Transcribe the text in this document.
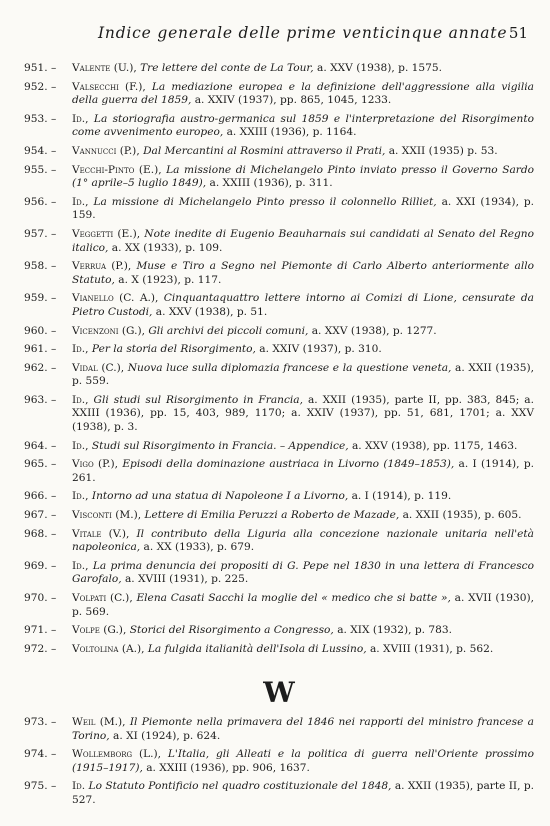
Indice generale delle prime venticinque annate 51
951. –	Valente (U.), Tre lettere del conte de La Tour, a. XXV (1938), p. 1575.
952. –	Valsecchi (F.), La mediazione europea e la definizione dell'aggressione alla vigilia della guerra del 1859, a. XXIV (1937), pp. 865, 1045, 1233.
953. –	Id., La storiografia austro-germanica sul 1859 e l'interpretazione del Risorgimento come avvenimento europeo, a. XXIII (1936), p. 1164.
954. –	Vannucci (P.), Dal Mercantini al Rosmini attraverso il Prati, a. XXII (1935) p. 53.
955. –	Vecchi-Pinto (E.), La missione di Michelangelo Pinto inviato presso il Governo Sardo (1° aprile–5 luglio 1849), a. XXIII (1936), p. 311.
956. –	Id., La missione di Michelangelo Pinto presso il colonnello Rilliet, a. XXI (1934), p. 159.
957. –	Veggetti (E.), Note inedite di Eugenio Beauharnais sui candidati al Senato del Regno italico, a. XX (1933), p. 109.
958. –	Verrua (P.), Muse e Tiro a Segno nel Piemonte di Carlo Alberto anteriormente allo Statuto, a. X (1923), p. 117.
959. –	Vianello (C. A.), Cinquantaquattro lettere intorno ai Comizi di Lione, censurate da Pietro Custodi, a. XXV (1938), p. 51.
960. –	Vicenzoni (G.), Gli archivi dei piccoli comuni, a. XXV (1938), p. 1277.
961. –	Id., Per la storia del Risorgimento, a. XXIV (1937), p. 310.
962. –	Vidal (C.), Nuova luce sulla diplomazia francese e la questione veneta, a. XXII (1935), p. 559.
963. –	Id., Gli studi sul Risorgimento in Francia, a. XXII (1935), parte II, pp. 383, 845; a. XXIII (1936), pp. 15, 403, 989, 1170; a. XXIV (1937), pp. 51, 681, 1701; a. XXV (1938), p. 3.
964. –	Id., Studi sul Risorgimento in Francia. – Appendice, a. XXV (1938), pp. 1175, 1463.
965. –	Vigo (P.), Episodi della dominazione austriaca in Livorno (1849–1853), a. I (1914), p. 261.
966. –	Id., Intorno ad una statua di Napoleone I a Livorno, a. I (1914), p. 119.
967. –	Visconti (M.), Lettere di Emilia Peruzzi a Roberto de Mazade, a. XXII (1935), p. 605.
968. –	Vitale (V.), Il contributo della Liguria alla concezione nazionale unitaria nell'età napoleonica, a. XX (1933), p. 679.
969. –	Id., La prima denuncia dei propositi di G. Pepe nel 1830 in una lettera di Francesco Garofalo, a. XVIII (1931), p. 225.
970. –	Volpati (C.), Elena Casati Sacchi la moglie del « medico che si batte », a. XVII (1930), p. 569.
971. –	Volpe (G.), Storici del Risorgimento a Congresso, a. XIX (1932), p. 783.
972. –	Voltolina (A.), La fulgida italianità dell'Isola di Lussino, a. XVIII (1931), p. 562.
W
973. –	Weil (M.), Il Piemonte nella primavera del 1846 nei rapporti del ministro francese a Torino, a. XI (1924), p. 624.
974. –	Wollemborg (L.), L'Italia, gli Alleati e la politica di guerra nell'Oriente prossimo (1915–1917), a. XXIII (1936), pp. 906, 1637.
975. –	Id. Lo Statuto Pontificio nel quadro costituzionale del 1848, a. XXII (1935), parte II, p. 527.
